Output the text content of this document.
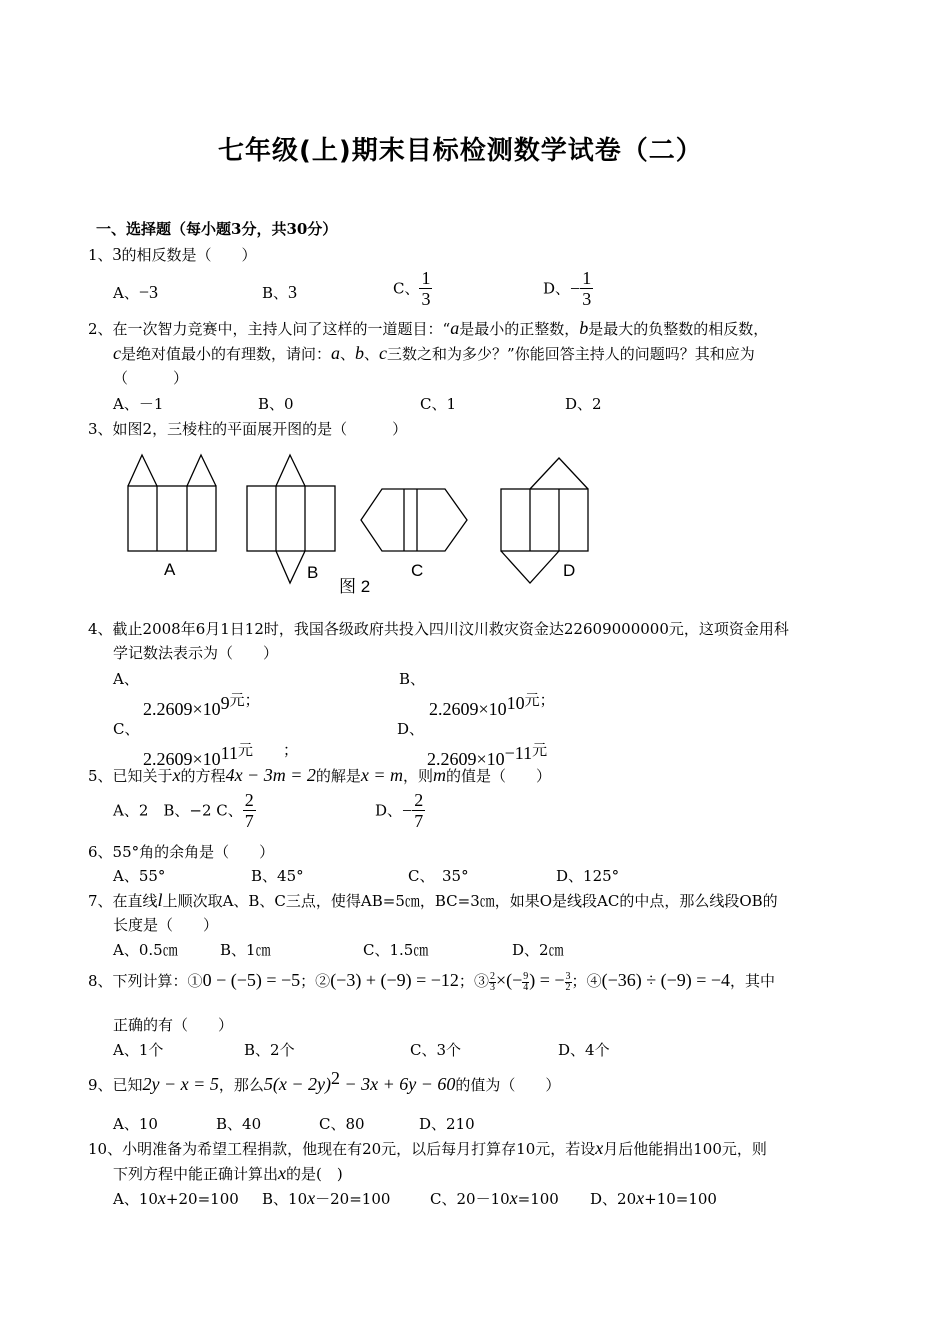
七年级(上)期末目标检测数学试卷（二）
一、选择题（每小题3分，共30分）
1、3的相反数是（　　）
A、−3	B、3	C、 $\frac{1}{3}$	D、− $\frac{1}{3}$
2、在一次智力竞赛中，主持人问了这样的一道题目：“a是最小的正整数，b是最大的负整数的相反数，
c是绝对值最小的有理数，请问：a、b、c三数之和为多少？”你能回答主持人的问题吗？其和应为
（　　　）
A、－1	B、0	C、1	D、2
3、如图2，三棱柱的平面展开图的是（　　　）
A	B
图 2
C	D
4、截止2008年6月1日12时，我国各级政府共投入四川汶川救灾资金达22609000000元，这项资金用科
学记数法表示为（　　）
A、
$2.2609\times 10^9$元；
B、
$2.2609\times 10^{10}$元；
C、
$2.2609\times 10^{11}$元　　；
D、
$2.2609\times 10^{-11}$元
5、已知关于x的方程4x − 3m = 2的解是x = m，则m的值是（　　）
A、2　B、−2 C、 $\frac{2}{7}$	D、− $\frac{2}{7}$
6、55°角的余角是（　　）
A、55°	B、45°	C、　35°	D、125°
7、在直线l上顺次取A、B、C三点，使得AB=5㎝，BC=3㎝，如果O是线段AC的中点，那么线段OB的
长度是（　　）
A、0.5㎝	B、1㎝	C、1.5㎝	D、2㎝
8、下列计算：①0 − (−5) = −5；②(−3) + (−9) = −12；③ $\frac{2}{3}$ ×(− $\frac{9}{4}$ ) = − $\frac{3}{2}$ ；④(−36) ÷ (−9) = −4，其中
正确的有（　　）
A、1个	B、2个	C、3个	D、4个
9、已知2y − x = 5，那么$5(x - 2y)^2 - 3x + 6y - 60$的值为（　　）
A、10	B、40	C、80	D、210
10、小明准备为希望工程捐款，他现在有20元，以后每月打算存10元，若设x月后他能捐出100元，则
下列方程中能正确计算出x的是(　)
A、10x+20=100 B、10x－20=100	C、20－10x=100 D、20x+10=100
